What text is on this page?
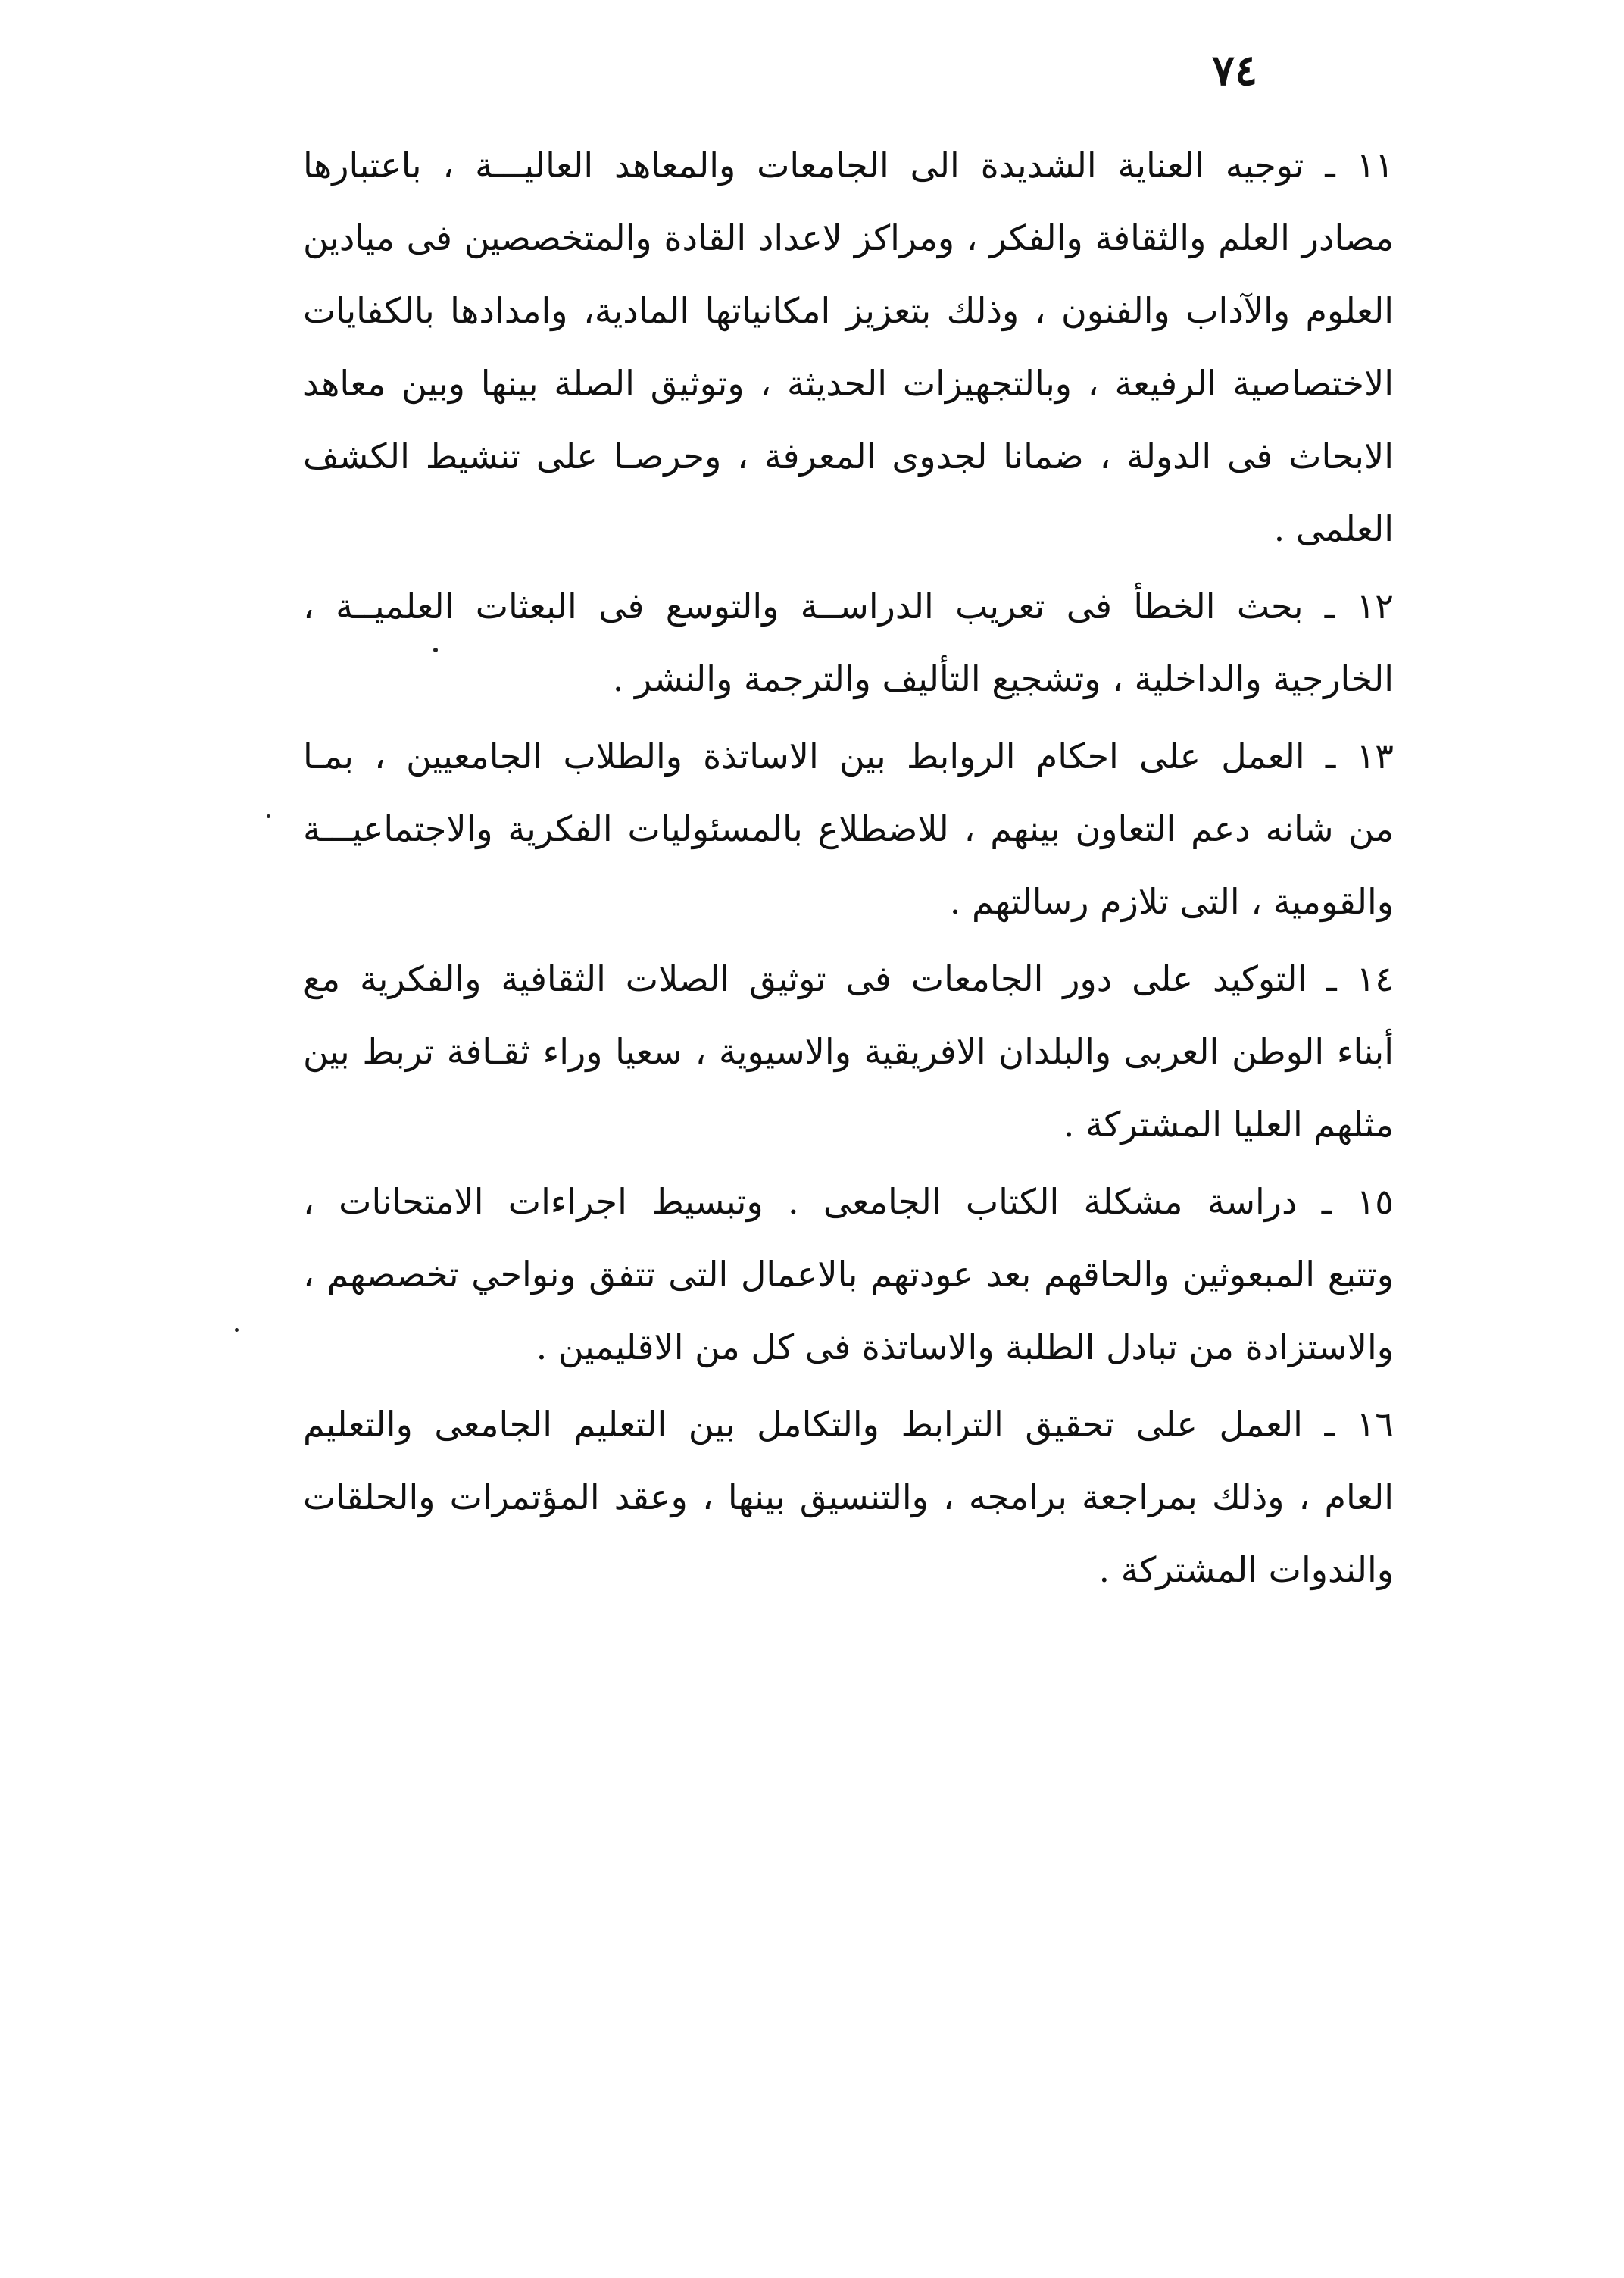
٧٤
١١ ـ توجيه العناية الشديدة الى الجامعات والمعاهد العاليـــة ، باعتبارها
مصادر العلم والثقافة والفكر ، ومراكز لاعداد القادة والمتخصصين فى ميادين
العلوم والآداب والفنون ، وذلك بتعزيز امكانياتها المادية، وامدادها بالكفايات
الاختصاصية الرفيعة ، وبالتجهيزات الحديثة ، وتوثيق الصلة بينها وبين معاهد
الابحاث فى الدولة ، ضمانا لجدوى المعرفة ، وحرصـا على تنشيط الكشف
العلمى .
١٢ ـ بحث الخطأ فى تعريب الدراســة والتوسع فى البعثات العلميــة ،
الخارجية والداخلية ، وتشجيع التأليف والترجمة والنشر .
١٣ ـ العمل على احكام الروابط بين الاساتذة والطلاب الجامعيين ، بمـا
من شانه دعم التعاون بينهم ، للاضطلاع بالمسئوليات الفكرية والاجتماعيـــة
والقومية ، التى تلازم رسالتهم .
١٤ ـ التوكيد على دور الجامعات فى توثيق الصلات الثقافية والفكرية مع
أبناء الوطن العربى والبلدان الافريقية والاسيوية ، سعيا وراء ثقـافة تربط بين
مثلهم العليا المشتركة .
١٥ ـ دراسة مشكلة الكتاب الجامعى . وتبسيط اجراءات الامتحانات ،
وتتبع المبعوثين والحاقهم بعد عودتهم بالاعمال التى تتفق ونواحي تخصصهم ،
والاستزادة من تبادل الطلبة والاساتذة فى كل من الاقليمين .
١٦ ـ العمل على تحقيق الترابط والتكامل بين التعليم الجامعى والتعليم
العام ، وذلك بمراجعة برامجه ، والتنسيق بينها ، وعقد المؤتمرات والحلقات
والندوات المشتركة .
